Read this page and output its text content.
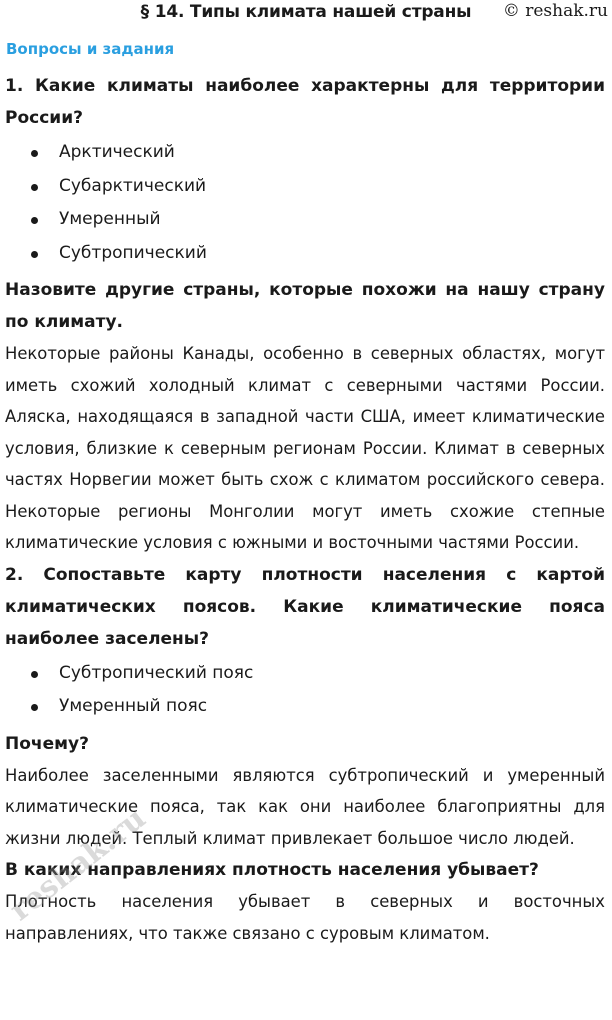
§ 14. Типы климата нашей страны	© reshak.ru
Вопросы и задания

1. Какие климаты наиболее характерны для территории России?

Арктический
Субарктический
Умеренный
Субтропический

Назовите другие страны, которые похожи на нашу страну по климату.

Некоторые районы Канады, особенно в северных областях, могут иметь схожий холодный климат с северными частями России. Аляска, находящаяся в западной части США, имеет климатические условия, близкие к северным регионам России. Климат в северных частях Норвегии может быть схож с климатом российского севера. Некоторые регионы Монголии могут иметь схожие степные климатические условия с южными и восточными частями России.

2. Сопоставьте карту плотности населения с картой климатических поясов. Какие климатические пояса наиболее заселены?

Субтропический пояс
Умеренный пояс

Почему?

Наиболее заселенными являются субтропический и умеренный климатические пояса, так как они наиболее благоприятны для жизни людей. Теплый климат привлекает большое число людей.

В каких направлениях плотность населения убывает?

Плотность населения убывает в северных и восточных направлениях, что также связано с суровым климатом.

reshak.ru
